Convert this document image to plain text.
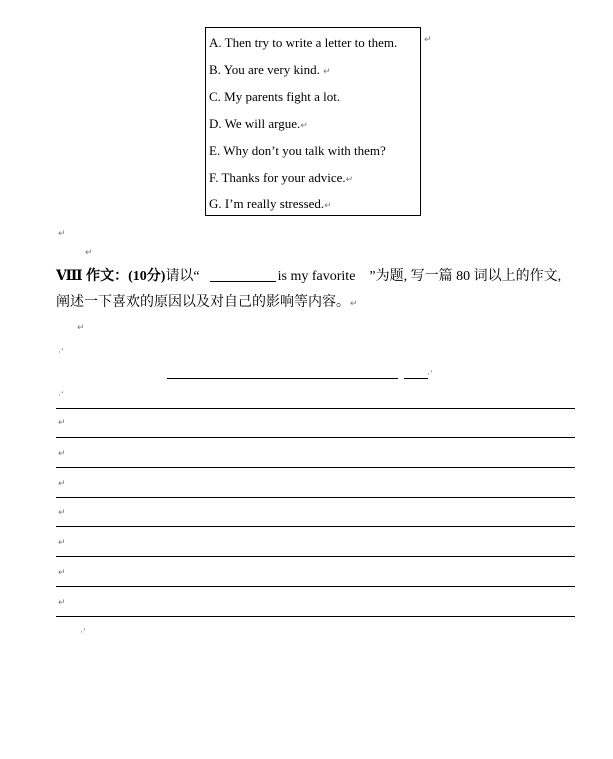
A. Then try to write a letter to them.
B. You are very kind. ↵
C. My parents fight a lot.
D. We will argue.↵
E. Why don’t you talk with them?
F. Thanks for your advice.↵
G. I’m really stressed.↵
↵
↵
↵
Ⅷ 作文：(10分)请以“	is my favorite ”为题, 写一篇 80 词以上的作文,
阐述一下喜欢的原因以及对自己的影响等内容。↵
↵
·ʼ
·ʼ
·ʼ
↵
↵
↵
↵
↵
↵
↵
·ʼ
